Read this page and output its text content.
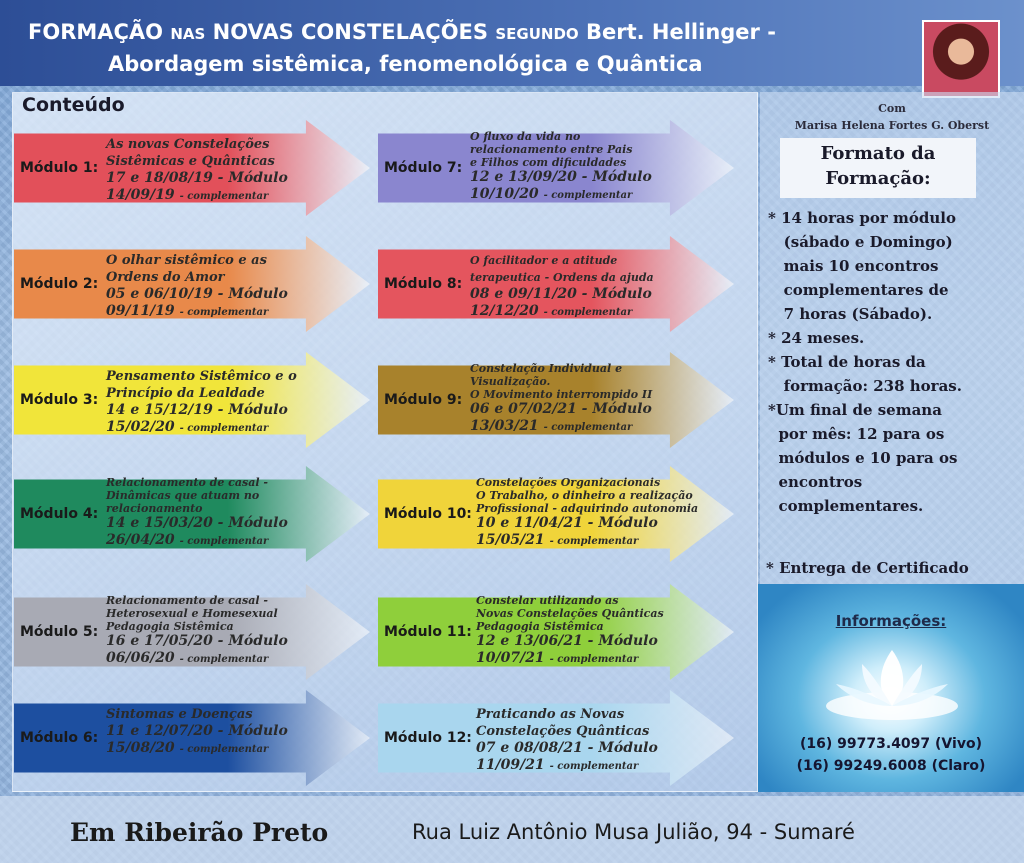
FORMAÇÃO NAS NOVAS CONSTELAÇÕES SEGUNDO Bert. Hellinger -
Abordagem sistêmica, fenomenológica e Quântica
Conteúdo
Módulo 1:
As novas Constelações
Sistêmicas e Quânticas
17 e 18/08/19 - Módulo
14/09/19 - complementar
Módulo 2:
O olhar sistêmico e as
Ordens do Amor
05 e 06/10/19 - Módulo
09/11/19 - complementar
Módulo 3:
Pensamento Sistêmico e o
Princípio da Lealdade
14 e 15/12/19 - Módulo
15/02/20 - complementar
Módulo 4:
Relacionamento de casal -
Dinâmicas que atuam no
relacionamento
14 e 15/03/20 - Módulo
26/04/20 - complementar
Módulo 5:
Relacionamento de casal -
Heterosexual e Homesexual
Pedagogia Sistêmica
16 e 17/05/20 - Módulo
06/06/20 - complementar
Módulo 6:
Sintomas e Doenças
11 e 12/07/20 - Módulo
15/08/20 - complementar
Módulo 7:
O fluxo da vida no
relacionamento entre Pais
e Filhos com dificuldades
12 e 13/09/20 - Módulo
10/10/20 - complementar
Módulo 8:
O facilitador e a atitude
terapeutica - Ordens da ajuda
08 e 09/11/20 - Módulo
12/12/20 - complementar
Módulo 9:
Constelação Individual e
Visualização.
O Movimento interrompido II
06 e 07/02/21 - Módulo
13/03/21 - complementar
Módulo 10:
Constelações Organizacionais
O Trabalho, o dinheiro a realização
Profissional - adquirindo autonomia
10 e 11/04/21 - Módulo
15/05/21 - complementar
Módulo 11:
Constelar utilizando as
Novas Constelações Quânticas
Pedagogia Sistêmica
12 e 13/06/21 - Módulo
10/07/21 - complementar
Módulo 12:
Praticando as Novas
Constelações Quânticas
07 e 08/08/21 - Módulo
11/09/21 - complementar
Com
Marisa Helena Fortes G. Oberst
Formato da
Formação:
* 14 horas por módulo
(sábado e Domingo)
mais 10 encontros
complementares de
7 horas (Sábado).
* 24 meses.
* Total de horas da
formação: 238 horas.
*Um final de semana
por mês: 12 para os
módulos e 10 para os
encontros
complementares.
* Entrega de Certificado
Informações:
(16) 99773.4097 (Vivo)
(16) 99249.6008 (Claro)
Em Ribeirão Preto	Rua Luiz Antônio Musa Julião, 94 - Sumaré
